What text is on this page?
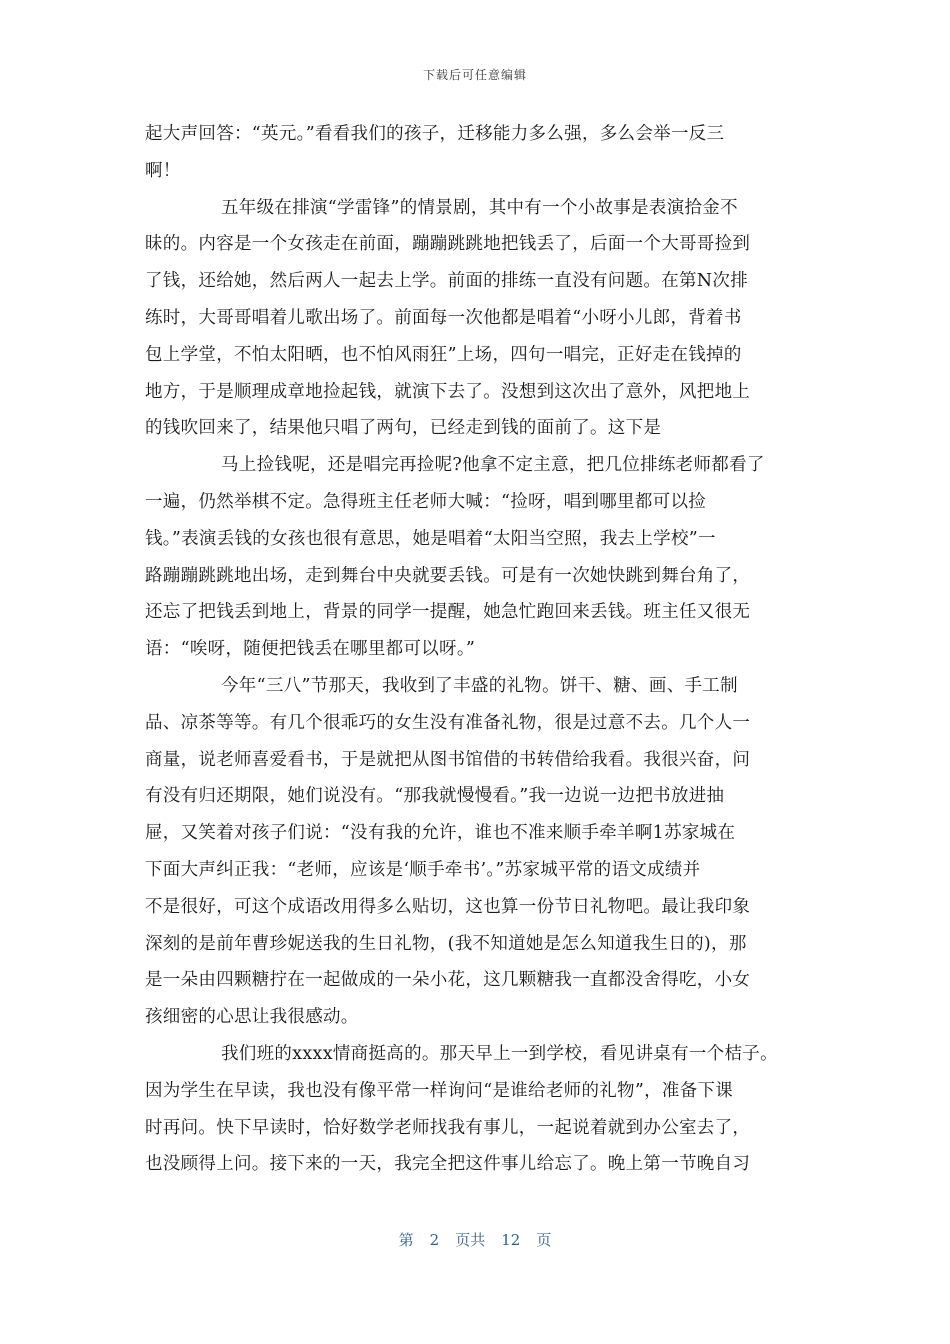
下载后可任意编辑
起大声回答：“英元。”看看我们的孩子，迁移能力多么强，多么会举一反三
啊！
五年级在排演“学雷锋”的情景剧，其中有一个小故事是表演拾金不
昧的。内容是一个女孩走在前面，蹦蹦跳跳地把钱丢了，后面一个大哥哥捡到
了钱，还给她，然后两人一起去上学。前面的排练一直没有问题。在第N次排
练时，大哥哥唱着儿歌出场了。前面每一次他都是唱着“小呀小儿郎，背着书
包上学堂，不怕太阳晒，也不怕风雨狂”上场，四句一唱完，正好走在钱掉的
地方，于是顺理成章地捡起钱，就演下去了。没想到这次出了意外，风把地上
的钱吹回来了，结果他只唱了两句，已经走到钱的面前了。这下是
马上捡钱呢，还是唱完再捡呢?他拿不定主意，把几位排练老师都看了
一遍，仍然举棋不定。急得班主任老师大喊：“捡呀，唱到哪里都可以捡
钱。”表演丢钱的女孩也很有意思，她是唱着“太阳当空照，我去上学校”一
路蹦蹦跳跳地出场，走到舞台中央就要丢钱。可是有一次她快跳到舞台角了，
还忘了把钱丢到地上，背景的同学一提醒，她急忙跑回来丢钱。班主任又很无
语：“唉呀，随便把钱丢在哪里都可以呀。”
今年“三八”节那天，我收到了丰盛的礼物。饼干、糖、画、手工制
品、凉茶等等。有几个很乖巧的女生没有准备礼物，很是过意不去。几个人一
商量，说老师喜爱看书，于是就把从图书馆借的书转借给我看。我很兴奋，问
有没有归还期限，她们说没有。“那我就慢慢看。”我一边说一边把书放进抽
屉，又笑着对孩子们说：“没有我的允许，谁也不准来顺手牵羊啊1苏家城在
下面大声纠正我：“老师，应该是‘顺手牵书’。”苏家城平常的语文成绩并
不是很好，可这个成语改用得多么贴切，这也算一份节日礼物吧。最让我印象
深刻的是前年曹珍妮送我的生日礼物，(我不知道她是怎么知道我生日的)，那
是一朵由四颗糖拧在一起做成的一朵小花，这几颗糖我一直都没舍得吃，小女
孩细密的心思让我很感动。
我们班的xxxx情商挺高的。那天早上一到学校，看见讲桌有一个桔子。
因为学生在早读，我也没有像平常一样询问“是谁给老师的礼物”，准备下课
时再问。快下早读时，恰好数学老师找我有事儿，一起说着就到办公室去了，
也没顾得上问。接下来的一天，我完全把这件事儿给忘了。晚上第一节晚自习
第 2 页共 12 页
